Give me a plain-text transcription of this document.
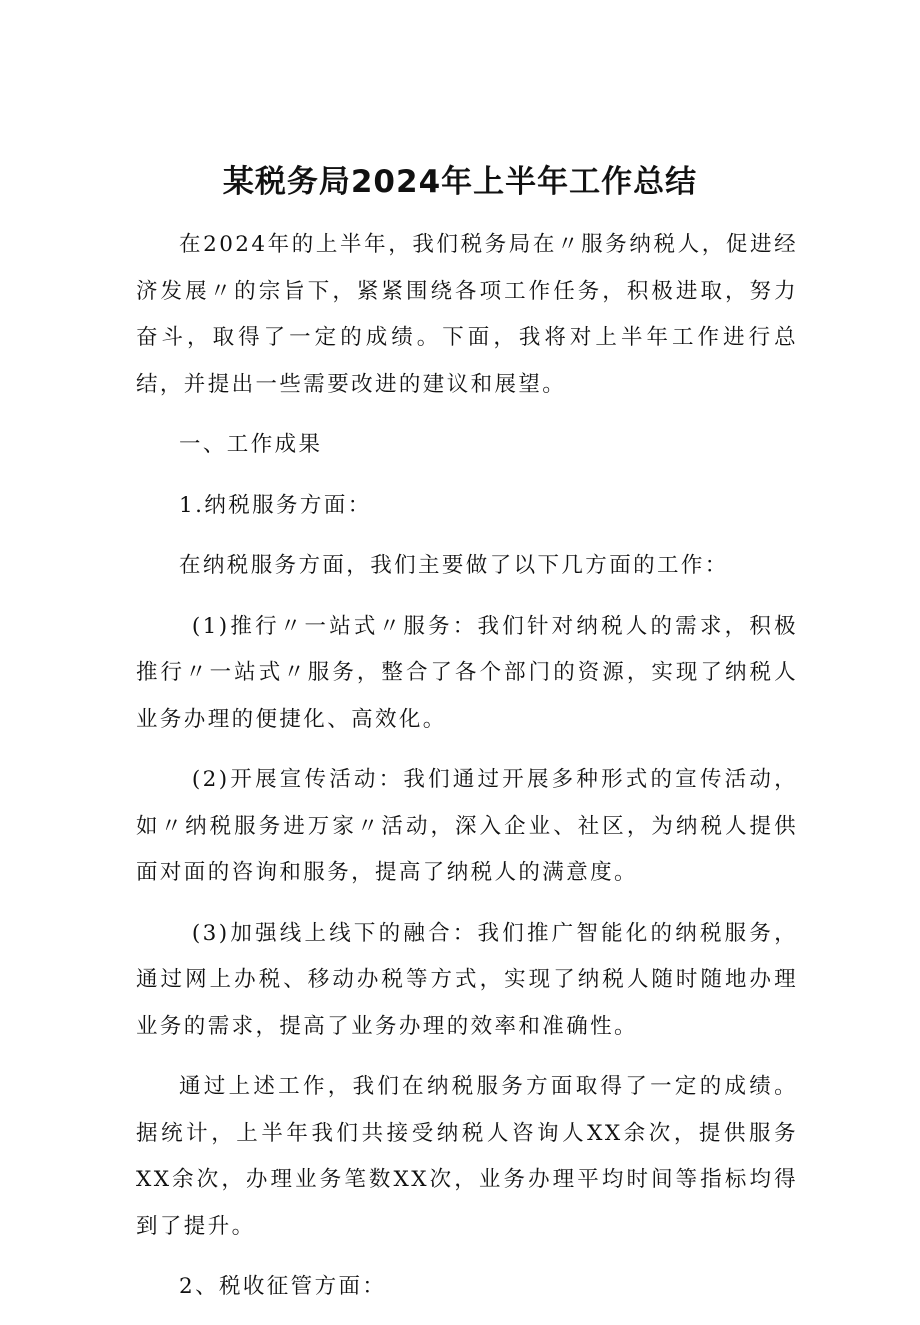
某税务局2024年上半年工作总结

在2024年的上半年，我们税务局在〃服务纳税人，促进经济发展〃的宗旨下，紧紧围绕各项工作任务，积极进取，努力奋斗，取得了一定的成绩。下面，我将对上半年工作进行总结，并提出一些需要改进的建议和展望。

一、工作成果

1.纳税服务方面：

在纳税服务方面，我们主要做了以下几方面的工作：

(1)推行〃一站式〃服务：我们针对纳税人的需求，积极推行〃一站式〃服务，整合了各个部门的资源，实现了纳税人业务办理的便捷化、高效化。

(2)开展宣传活动：我们通过开展多种形式的宣传活动，如〃纳税服务进万家〃活动，深入企业、社区，为纳税人提供面对面的咨询和服务，提高了纳税人的满意度。

(3)加强线上线下的融合：我们推广智能化的纳税服务，通过网上办税、移动办税等方式，实现了纳税人随时随地办理业务的需求，提高了业务办理的效率和准确性。

通过上述工作，我们在纳税服务方面取得了一定的成绩。据统计，上半年我们共接受纳税人咨询人XX余次，提供服务XX余次，办理业务笔数XX次，业务办理平均时间等指标均得到了提升。

2、税收征管方面：
